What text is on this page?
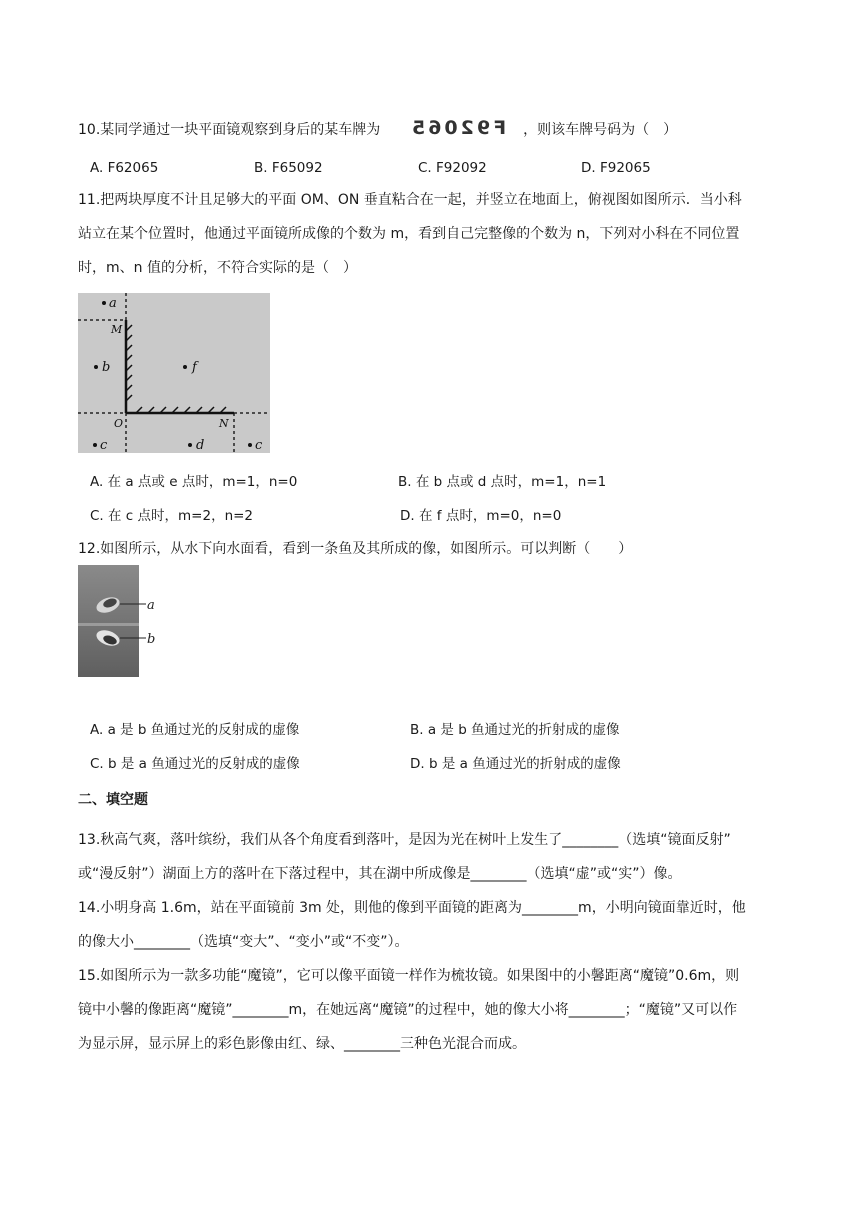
10.某同学通过一块平面镜观察到身后的某车牌为 F92065 ，则该车牌号码为（　）
A. F62065	B. F65092	C. F92092	D. F92065
11.把两块厚度不计且足够大的平面 OM、ON 垂直粘合在一起，并竖立在地面上，俯视图如图所示．当小科
站立在某个位置时，他通过平面镜所成像的个数为 m，看到自己完整像的个数为 n，下列对小科在不同位置
时，m、n 值的分析，不符合实际的是（　）
a
M
b	f
O	N
c	d	c
A. 在 a 点或 e 点时，m=1，n=0	B. 在 b 点或 d 点时，m=1，n=1
C. 在 c 点时，m=2，n=2	D. 在 f 点时，m=0，n=0
12.如图所示，从水下向水面看，看到一条鱼及其所成的像，如图所示。可以判断（　　）
a
b
A. a 是 b 鱼通过光的反射成的虚像	B. a 是 b 鱼通过光的折射成的虚像
C. b 是 a 鱼通过光的反射成的虚像	D. b 是 a 鱼通过光的折射成的虚像
二、填空题
13.秋高气爽，落叶缤纷，我们从各个角度看到落叶，是因为光在树叶上发生了________（选填“镜面反射”
或“漫反射”）湖面上方的落叶在下落过程中，其在湖中所成像是________（选填“虚”或“实”）像。
14.小明身高 1.6m，站在平面镜前 3m 处，則他的像到平面镜的距离为________m，小明向镜面靠近时，他
的像大小________（选填“变大”、“变小”或“不变”）。
15.如图所示为一款多功能“魔镜”，它可以像平面镜一样作为梳妆镜。如果图中的小馨距离“魔镜”0.6m，则
镜中小馨的像距离“魔镜”________m，在她远离“魔镜”的过程中，她的像大小将________；“魔镜”又可以作
为显示屏，显示屏上的彩色影像由红、绿、________三种色光混合而成。
